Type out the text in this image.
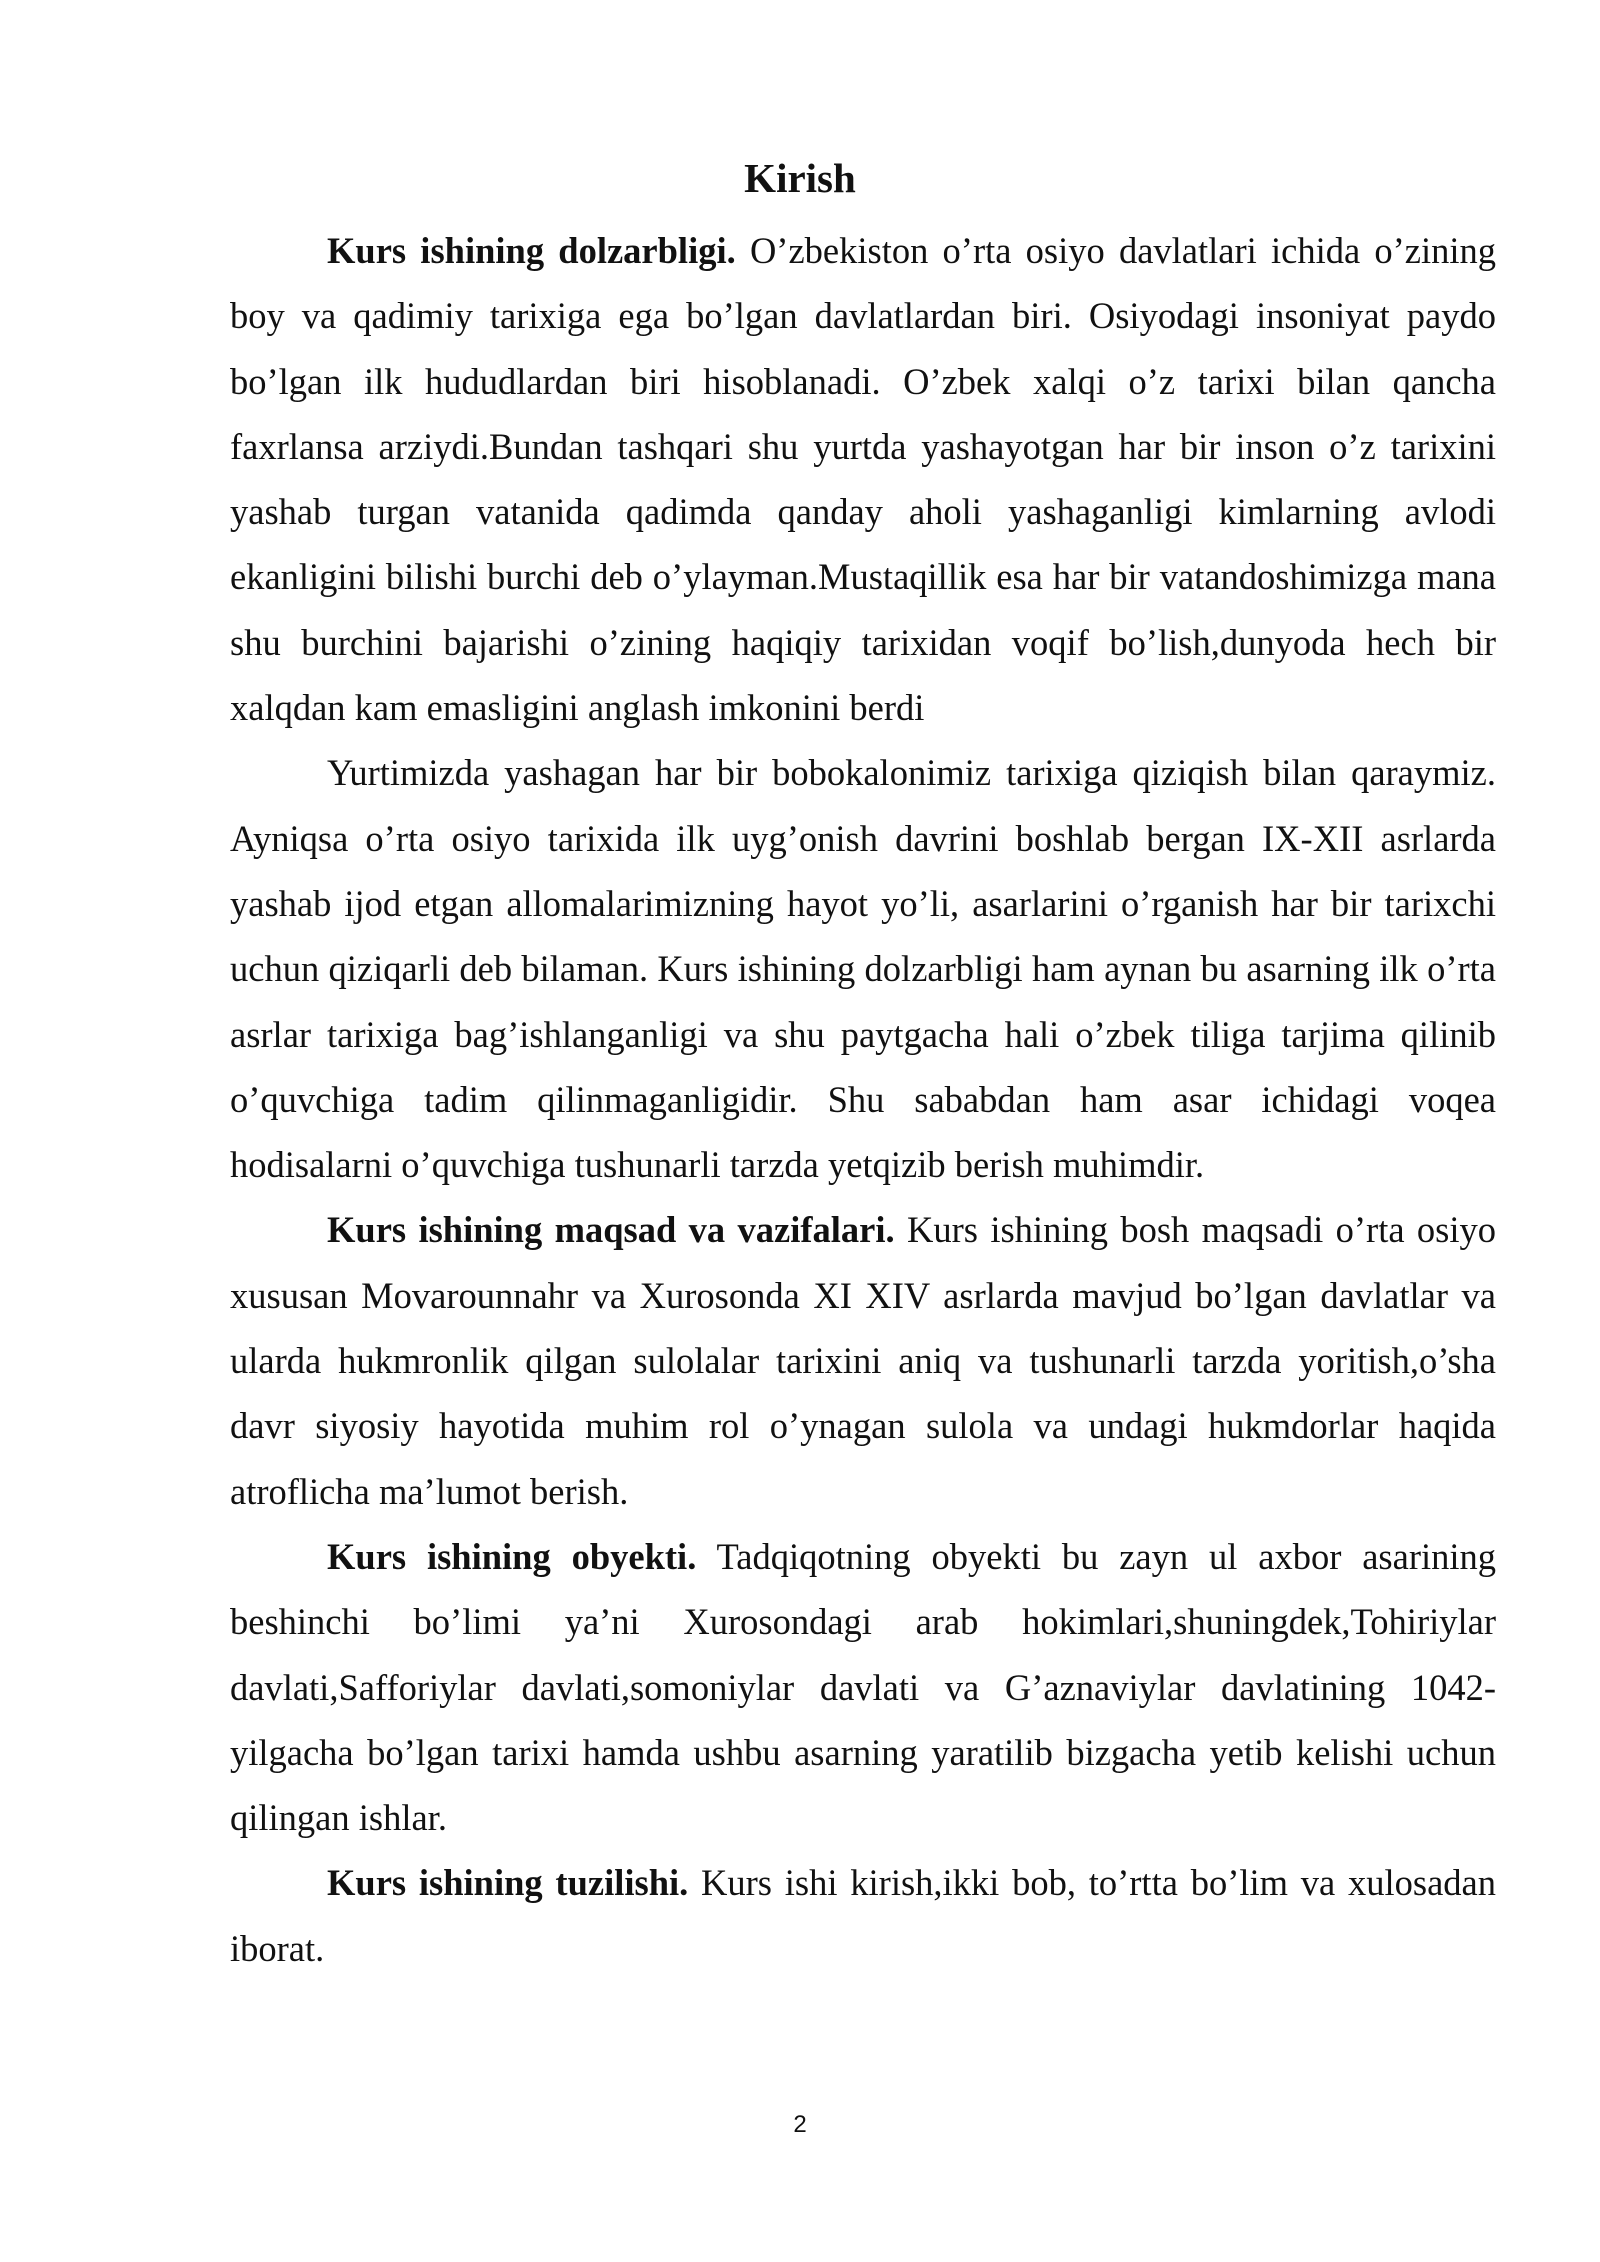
Kirish

Kurs ishining dolzarbligi. O’zbekiston o’rta osiyo davlatlari ichida o’zining boy va qadimiy tarixiga ega bo’lgan davlatlardan biri. Osiyodagi insoniyat paydo bo’lgan ilk hududlardan biri hisoblanadi. O’zbek xalqi o’z tarixi bilan qancha faxrlansa arziydi.Bundan tashqari shu yurtda yashayotgan har bir inson o’z tarixini yashab turgan vatanida qadimda qanday aholi yashaganligi kimlarning avlodi ekanligini bilishi burchi deb o’ylayman.Mustaqillik esa har bir vatandoshimizga mana shu burchini bajarishi o’zining haqiqiy tarixidan voqif bo’lish,dunyoda hech bir xalqdan kam emasligini anglash imkonini berdi

Yurtimizda yashagan har bir bobokalonimiz tarixiga qiziqish bilan qaraymiz. Ayniqsa o’rta osiyo tarixida ilk uyg’onish davrini boshlab bergan IX-XII asrlarda yashab ijod etgan allomalarimizning hayot yo’li, asarlarini o’rganish har bir tarixchi uchun qiziqarli deb bilaman. Kurs ishining dolzarbligi ham aynan bu asarning ilk o’rta asrlar tarixiga bag’ishlanganligi va shu paytgacha hali o’zbek tiliga tarjima qilinib o’quvchiga tadim qilinmaganligidir. Shu sababdan ham asar ichidagi voqea hodisalarni o’quvchiga tushunarli tarzda yetqizib berish muhimdir.

Kurs ishining maqsad va vazifalari. Kurs ishining bosh maqsadi o’rta osiyo xususan Movarounnahr va Xurosonda XI XIV asrlarda mavjud bo’lgan davlatlar va ularda hukmronlik qilgan sulolalar tarixini aniq va tushunarli tarzda yoritish,o’sha davr siyosiy hayotida muhim rol o’ynagan sulola va undagi hukmdorlar haqida atroflicha ma’lumot berish.

Kurs ishining obyekti. Tadqiqotning obyekti bu zayn ul axbor asarining beshinchi bo’limi ya’ni Xurosondagi arab hokimlari,shuningdek,Tohiriylar davlati,Safforiylar davlati,somoniylar davlati va G’aznaviylar davlatining 1042-yilgacha bo’lgan tarixi hamda ushbu asarning yaratilib bizgacha yetib kelishi uchun qilingan ishlar.

Kurs ishining tuzilishi. Kurs ishi kirish,ikki bob, to’rtta bo’lim va xulosadan iborat.

2
